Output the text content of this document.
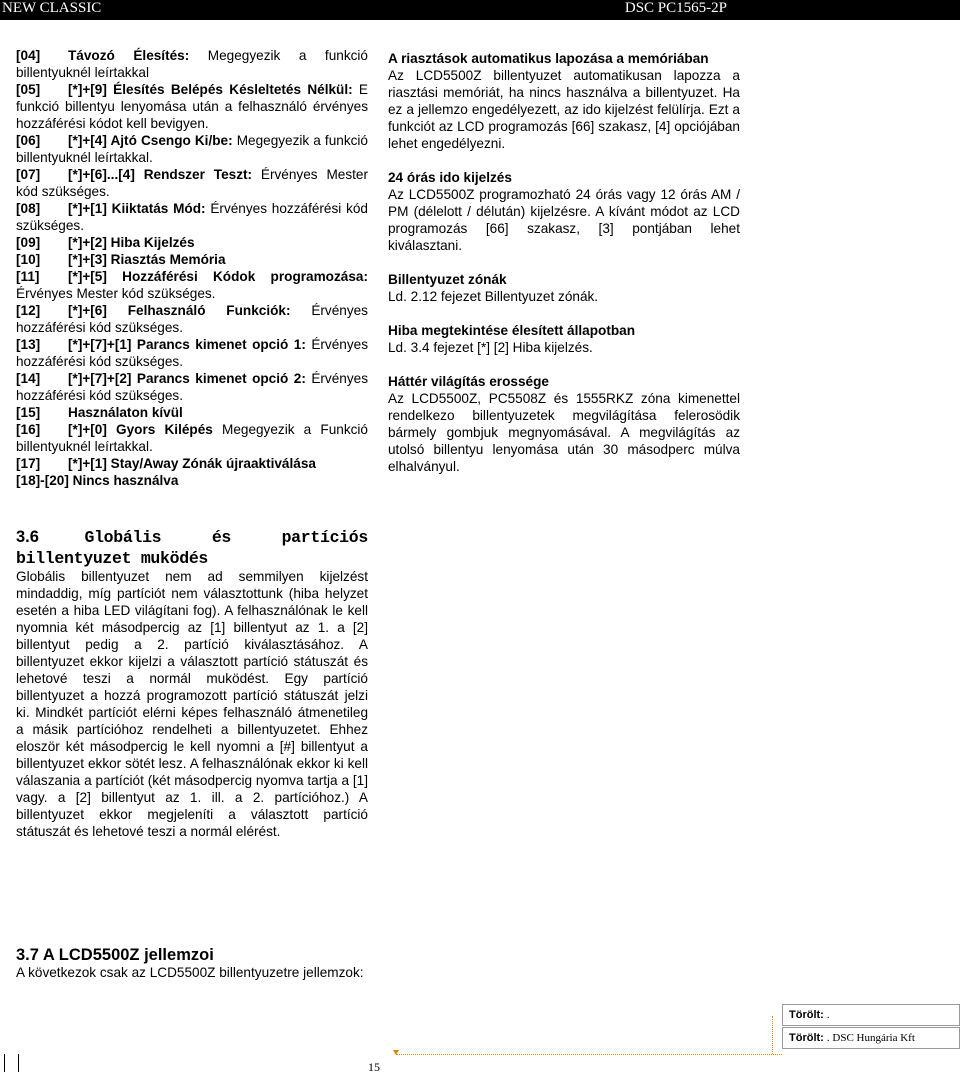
NEW CLASSIC	DSC PC1565-2P
[04] Távozó Élesítés: Megegyezik a funkció billentyuknél leírtakkal
[05] [*]+[9] Élesítés Belépés Késleltetés Nélkül: E funkció billentyu lenyomása után a felhasználó érvényes hozzáférési kódot kell bevigyen.
[06] [*]+[4] Ajtó Csengo Ki/be: Megegyezik a funkció billentyuknél leírtakkal.
[07] [*]+[6]...[4] Rendszer Teszt: Érvényes Mester kód szükséges.
[08] [*]+[1] Kiiktatás Mód: Érvényes hozzáférési kód szükséges.
[09] [*]+[2] Hiba Kijelzés
[10] [*]+[3] Riasztás Memória
[11] [*]+[5] Hozzáférési Kódok programozása: Érvényes Mester kód szükséges.
[12] [*]+[6] Felhasználó Funkciók: Érvényes hozzáférési kód szükséges.
[13] [*]+[7]+[1] Parancs kimenet opció 1: Érvényes hozzáférési kód szükséges.
[14] [*]+[7]+[2] Parancs kimenet opció 2: Érvényes hozzáférési kód szükséges.
[15] Használaton kívül
[16] [*]+[0] Gyors Kilépés Megegyezik a Funkció billentyuknél leírtakkal.
[17] [*]+[1] Stay/Away Zónák újraaktiválása
[18]-[20] Nincs használva
3.6	Globális és partíciós billentyuzet muködés
Globális billentyuzet nem ad semmilyen kijelzést mindaddig, míg partíciót nem választottunk (hiba helyzet esetén a hiba LED világítani fog). A felhasználónak le kell nyomnia két másodpercig az [1] billentyut az 1. a [2] billentyut pedig a 2. partíció kiválasztásához. A billentyuzet ekkor kijelzi a választott partíció státuszát és lehetové teszi a normál muködést. Egy partíció billentyuzet a hozzá programozott partíció státuszát jelzi ki. Mindkét partíciót elérni képes felhasználó átmenetileg a másik partícióhoz rendelheti a billentyuzetet. Ehhez eloször két másodpercig le kell nyomni a [#] billentyut a billentyuzet ekkor sötét lesz. A felhasználónak ekkor ki kell válaszania a partíciót (két másodpercig nyomva tartja a [1] vagy. a [2] billentyut az 1. ill. a 2. partícióhoz.) A billentyuzet ekkor megjeleníti a választott partíció státuszát és lehetové teszi a normál elérést.
3.7 A LCD5500Z jellemzoi
A következok csak az LCD5500Z billentyuzetre jellemzok:
A riasztások automatikus lapozása a memóriában
Az LCD5500Z billentyuzet automatikusan lapozza a riasztási memóriát, ha nincs használva a billentyuzet. Ha ez a jellemzo engedélyezett, az ido kijelzést felülírja. Ezt a funkciót az LCD programozás [66] szakasz, [4] opciójában lehet engedélyezni.
24 órás ido kijelzés
Az LCD5500Z programozható 24 órás vagy 12 órás AM / PM (délelott / délután) kijelzésre. A kívánt módot az LCD programozás [66] szakasz, [3] pontjában lehet kiválasztani.
Billentyuzet zónák
Ld. 2.12 fejezet Billentyuzet zónák.
Hiba megtekintése élesített állapotban
Ld. 3.4 fejezet [*] [2] Hiba kijelzés.
Háttér világítás erossége
Az LCD5500Z, PC5508Z és 1555RKZ zóna kimenettel rendelkezo billentyuzetek megvilágítása felerosödik bármely gombjuk megnyomásával. A megvilágítás az utolsó billentyu lenyomása után 30 másodperc múlva elhalványul.
Törölt: .
Törölt: . DSC Hungária Kft
15
